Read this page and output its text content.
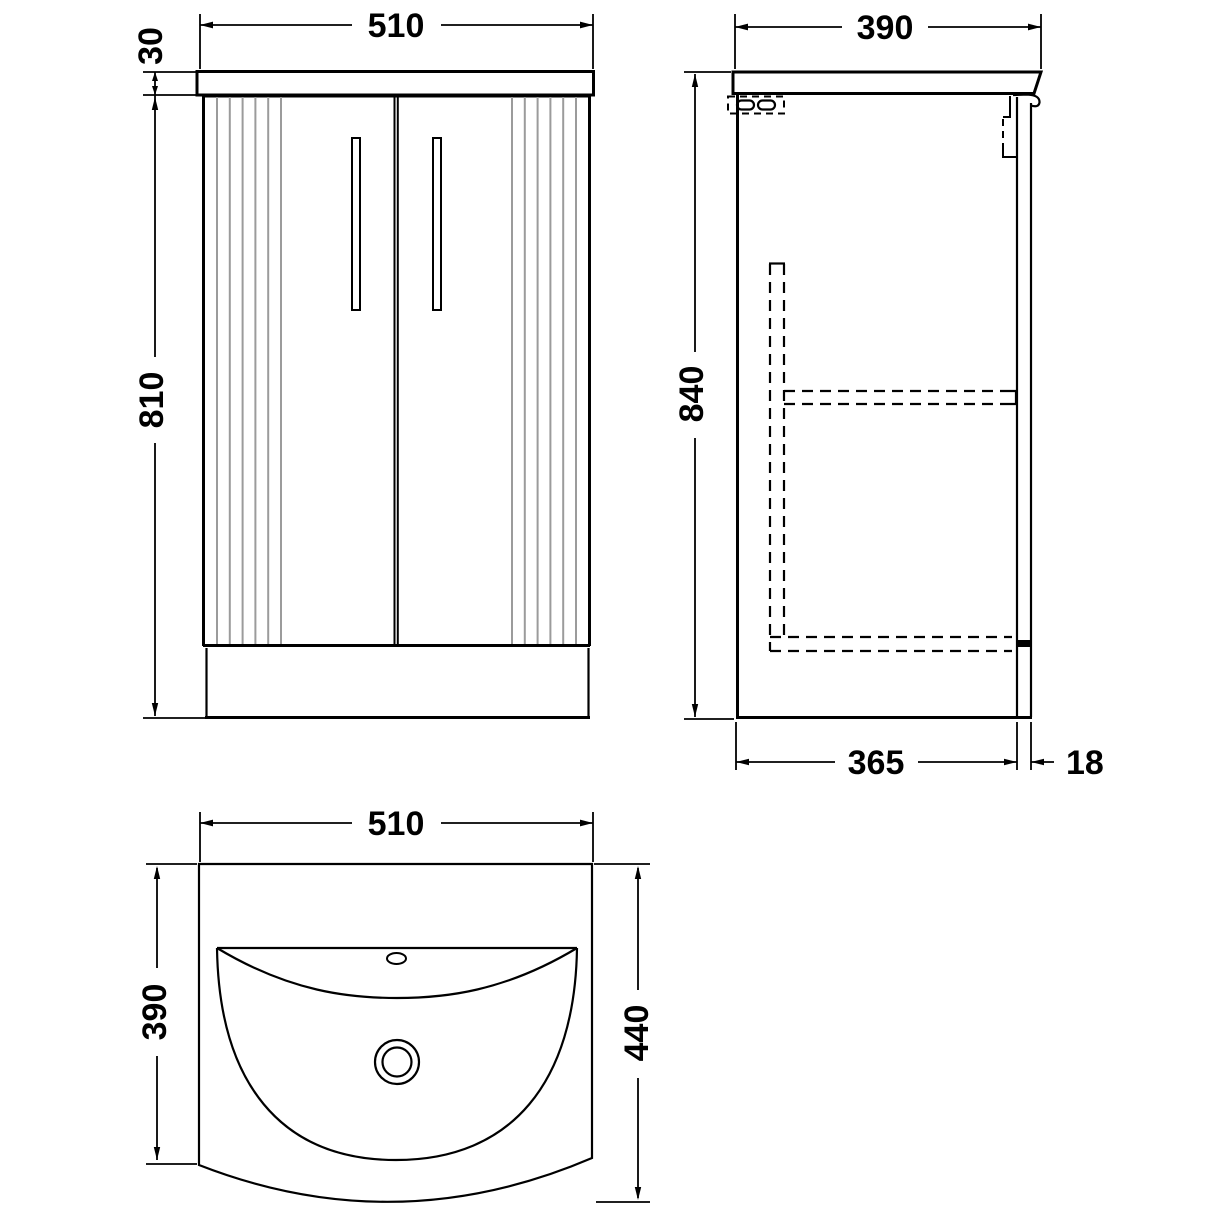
510
30
810
390
840
365	18
510
390	440
